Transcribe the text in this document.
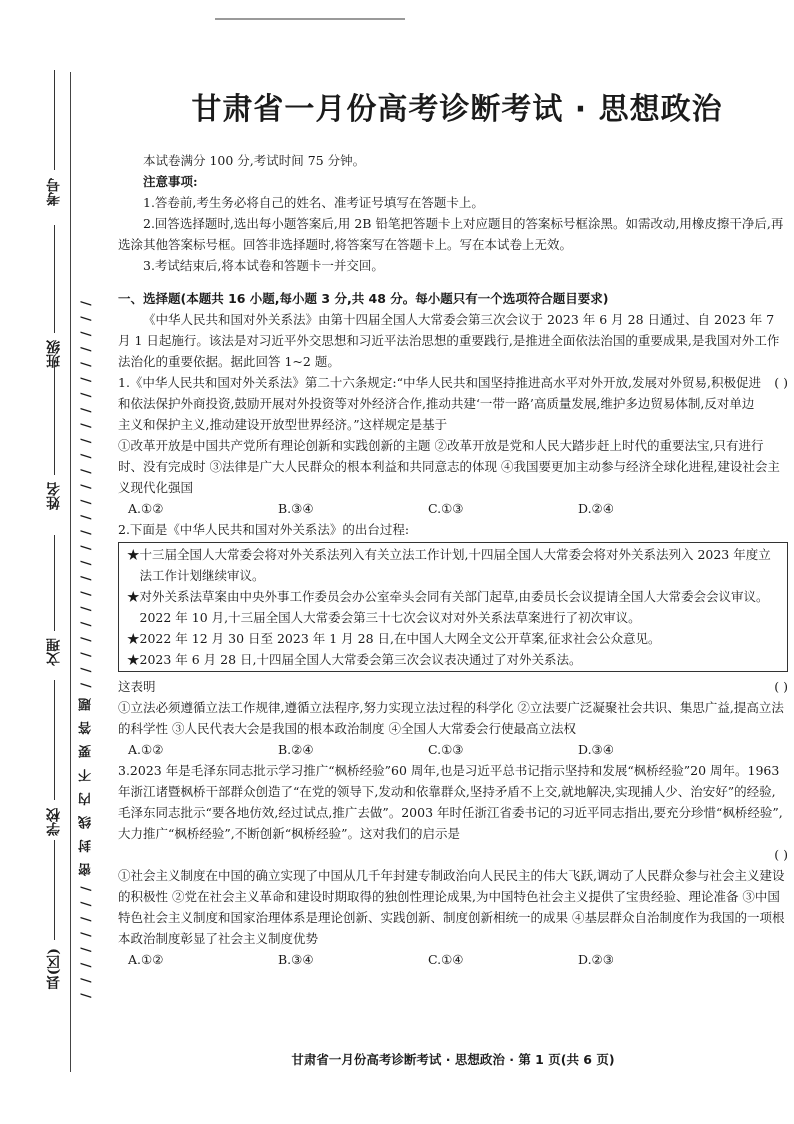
考号
班级
姓名
文理
学校
县(区) / / / / / / / / 密 封 线 内 不 要 答 题 / / / / / / / / / / / / / / / / / / / / / / / / / /
甘肃省一月份高考诊断考试 · 思想政治

本试卷满分 100 分,考试时间 75 分钟。

注意事项:

1.答卷前,考生务必将自己的姓名、准考证号填写在答题卡上。

2.回答选择题时,选出每小题答案后,用 2B 铅笔把答题卡上对应题目的答案标号框涂黑。如需改动,用橡皮擦干净后,再选涂其他答案标号框。回答非选择题时,将答案写在答题卡上。写在本试卷上无效。

3.考试结束后,将本试卷和答题卡一并交回。

一、选择题(本题共 16 小题,每小题 3 分,共 48 分。每小题只有一个选项符合题目要求)

《中华人民共和国对外关系法》由第十四届全国人大常委会第三次会议于 2023 年 6 月 28 日通过、自 2023 年 7 月 1 日起施行。该法是对习近平外交思想和习近平法治思想的重要践行,是推进全面依法治国的重要成果,是我国对外工作法治化的重要依据。据此回答 1~2 题。

1.《中华人民共和国对外关系法》第二十六条规定:“中华人民共和国坚持推进高水平对外开放,发展对外贸易,积极促进和依法保护外商投资,鼓励开展对外投资等对外经济合作,推动共建‘一带一路’高质量发展,维护多边贸易体制,反对单边主义和保护主义,推动建设开放型世界经济。”这样规定是基于

( )

①改革开放是中国共产党所有理论创新和实践创新的主题 ②改革开放是党和人民大踏步赶上时代的重要法宝,只有进行时、没有完成时 ③法律是广大人民群众的根本利益和共同意志的体现 ④我国要更加主动参与经济全球化进程,建设社会主义现代化强国

A.①②	B.③④	C.①③	D.②④

2.下面是《中华人民共和国对外关系法》的出台过程:

★十三届全国人大常委会将对外关系法列入有关立法工作计划,十四届全国人大常委会将对外关系法列入 2023 年度立法工作计划继续审议。

★对外关系法草案由中央外事工作委员会办公室牵头会同有关部门起草,由委员长会议提请全国人大常委会会议审议。2022 年 10 月,十三届全国人大常委会第三十七次会议对对外关系法草案进行了初次审议。

★2022 年 12 月 30 日至 2023 年 1 月 28 日,在中国人大网全文公开草案,征求社会公众意见。

★2023 年 6 月 28 日,十四届全国人大常委会第三次会议表决通过了对外关系法。

这表明	( )

①立法必须遵循立法工作规律,遵循立法程序,努力实现立法过程的科学化 ②立法要广泛凝聚社会共识、集思广益,提高立法的科学性 ③人民代表大会是我国的根本政治制度 ④全国人大常委会行使最高立法权

A.①②	B.②④	C.①③	D.③④

3.2023 年是毛泽东同志批示学习推广“枫桥经验”60 周年,也是习近平总书记指示坚持和发展“枫桥经验”20 周年。1963 年浙江诸暨枫桥干部群众创造了“在党的领导下,发动和依靠群众,坚持矛盾不上交,就地解决,实现捕人少、治安好”的经验,毛泽东同志批示“要各地仿效,经过试点,推广去做”。2003 年时任浙江省委书记的习近平同志指出,要充分珍惜“枫桥经验”,大力推广“枫桥经验”,不断创新“枫桥经验”。这对我们的启示是

( )

①社会主义制度在中国的确立实现了中国从几千年封建专制政治向人民民主的伟大飞跃,调动了人民群众参与社会主义建设的积极性 ②党在社会主义革命和建设时期取得的独创性理论成果,为中国特色社会主义提供了宝贵经验、理论准备 ③中国特色社会主义制度和国家治理体系是理论创新、实践创新、制度创新相统一的成果 ④基层群众自治制度作为我国的一项根本政治制度彰显了社会主义制度优势

A.①②	B.③④	C.①④	D.②③
甘肃省一月份高考诊断考试 · 思想政治 · 第 1 页(共 6 页)
